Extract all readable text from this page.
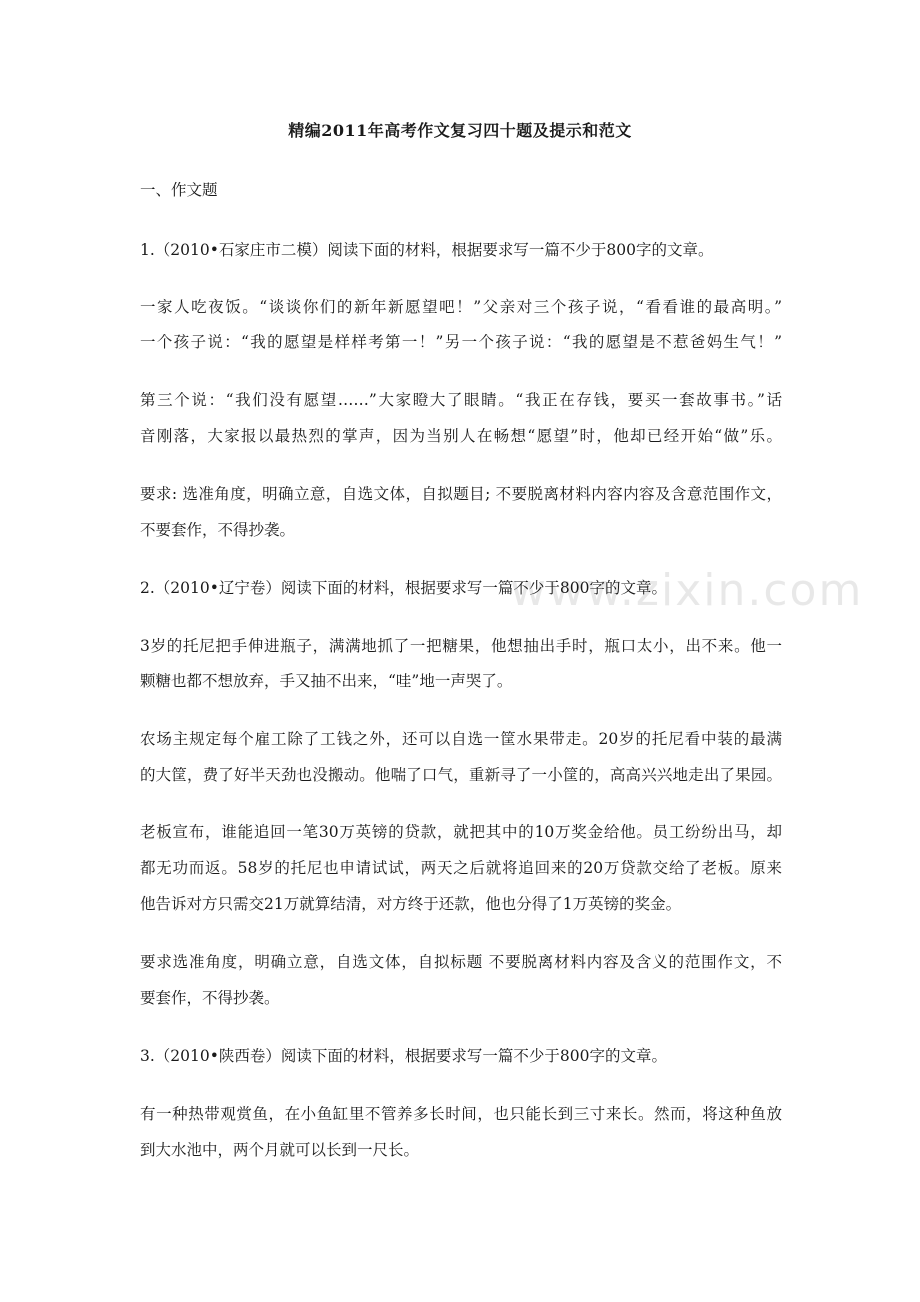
www.zixin.com
精编2011年高考作文复习四十题及提示和范文
一、作文题
1.（2010•石家庄市二模）阅读下面的材料，根据要求写一篇不少于800字的文章。
一家人吃夜饭。“谈谈你们的新年新愿望吧！”父亲对三个孩子说，“看看谁的最高明。”
一个孩子说：“我的愿望是样样考第一！”另一个孩子说：“我的愿望是不惹爸妈生气！”
第三个说：“我们没有愿望……”大家瞪大了眼睛。“我正在存钱，要买一套故事书。”话
音刚落，大家报以最热烈的掌声，因为当别人在畅想“愿望”时，他却已经开始“做”乐。
要求: 选准角度，明确立意，自选文体，自拟题目; 不要脱离材料内容内容及含意范围作文，
不要套作，不得抄袭。
2.（2010•辽宁卷）阅读下面的材料，根据要求写一篇不少于800字的文章。
3岁的托尼把手伸进瓶子，满满地抓了一把糖果，他想抽出手时，瓶口太小，出不来。他一
颗糖也都不想放弃，手又抽不出来，“哇”地一声哭了。
农场主规定每个雇工除了工钱之外，还可以自选一筐水果带走。20岁的托尼看中装的最满
的大筐，费了好半天劲也没搬动。他喘了口气，重新寻了一小筐的，高高兴兴地走出了果园。
老板宣布，谁能追回一笔30万英镑的贷款，就把其中的10万奖金给他。员工纷纷出马，却
都无功而返。58岁的托尼也申请试试，两天之后就将追回来的20万贷款交给了老板。原来
他告诉对方只需交21万就算结清，对方终于还款，他也分得了1万英镑的奖金。
要求选准角度，明确立意，自选文体，自拟标题 不要脱离材料内容及含义的范围作文，不
要套作，不得抄袭。
3.（2010•陕西卷）阅读下面的材料，根据要求写一篇不少于800字的文章。
有一种热带观赏鱼，在小鱼缸里不管养多长时间，也只能长到三寸来长。然而，将这种鱼放
到大水池中，两个月就可以长到一尺长。
